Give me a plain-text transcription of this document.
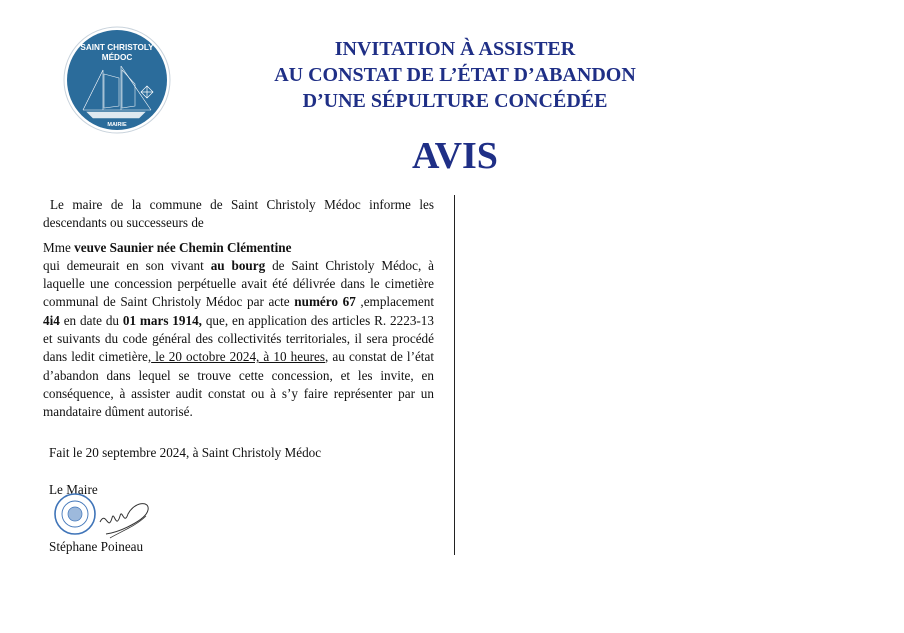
SAINT CHRISTOLY
MÉDOC
MAIRIE
INVITATION À ASSISTER
AU CONSTAT DE L’ÉTAT D’ABANDON
D’UNE SÉPULTURE CONCÉDÉE
AVIS

Le maire de la commune de Saint Christoly Médoc informe les descendants ou successeurs de

Mme veuve Saunier née Chemin Clémentine

qui demeurait en son vivant au bourg de Saint Christoly Médoc, à laquelle une concession perpétuelle avait été délivrée dans le cimetière communal de Saint Christoly Médoc par acte numéro 67 ,emplacement 4i4 en date du 01 mars 1914, que, en application des articles R. 2223-13 et suivants du code général des collectivités territoriales, il sera procédé dans ledit cimetière, le 20 octobre 2024, à 10 heures, au constat de l’état d’abandon dans lequel se trouve cette concession, et les invite, en conséquence, à assister audit constat ou à s’y faire représenter par un mandataire dûment autorisé.

Fait le 20 septembre 2024, à Saint Christoly Médoc
Le Maire
Stéphane Poineau
